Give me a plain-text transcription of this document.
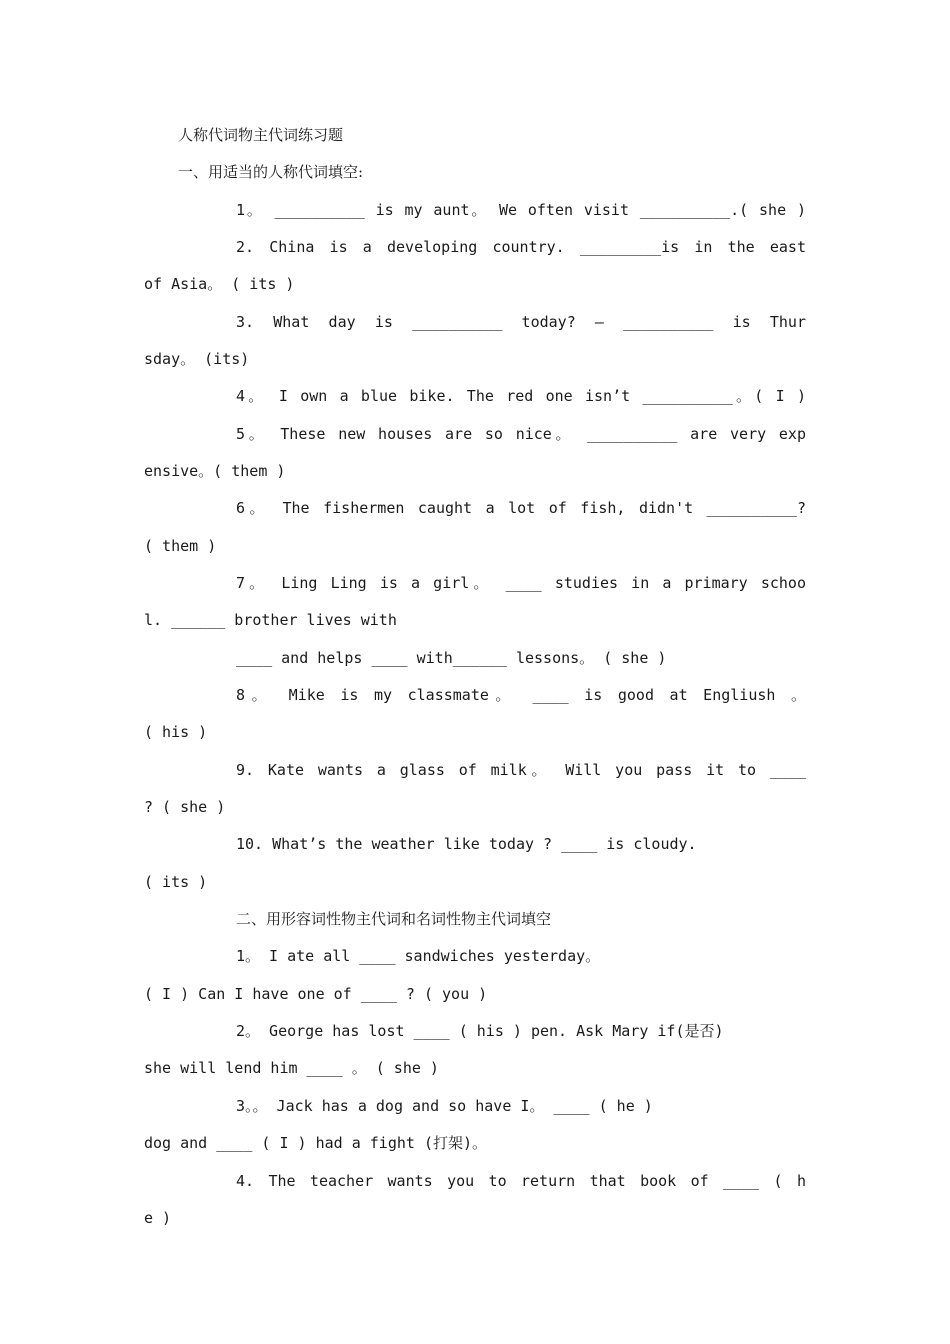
人称代词物主代词练习题
一、用适当的人称代词填空:
1。 __________ is my aunt。 We often visit __________.( she )
2. China is a developing country. _________is in the east
of Asia。 ( its )
3. What day is __________ today? — __________ is Thur
sday。 (its)
4。 I own a blue bike. The red one isn’t __________。( I )
5。 These new houses are so nice。 __________ are very exp
ensive。( them )
6。 The fishermen caught a lot of fish, didn't __________?
( them )
7。 Ling Ling is a girl。 ____ studies in a primary schoo
l. ______ brother lives with
____ and helps ____ with______ lessons。 ( she )
8。 Mike is my classmate。 ____ is good at Engliush 。
( his )
9. Kate wants a glass of milk。 Will you pass it to ____
? ( she )
10. What’s the weather like today ? ____ is cloudy.
( its )
二、用形容词性物主代词和名词性物主代词填空
1。 I ate all ____ sandwiches yesterday。
( I ) Can I have one of ____ ? ( you )
2。 George has lost ____ ( his ) pen. Ask Mary if(是否)
she will lend him ____ 。 ( she )
3。。 Jack has a dog and so have I。 ____ ( he )
dog and ____ ( I ) had a fight (打架)。
4. The teacher wants you to return that book of ____ ( h
e )
